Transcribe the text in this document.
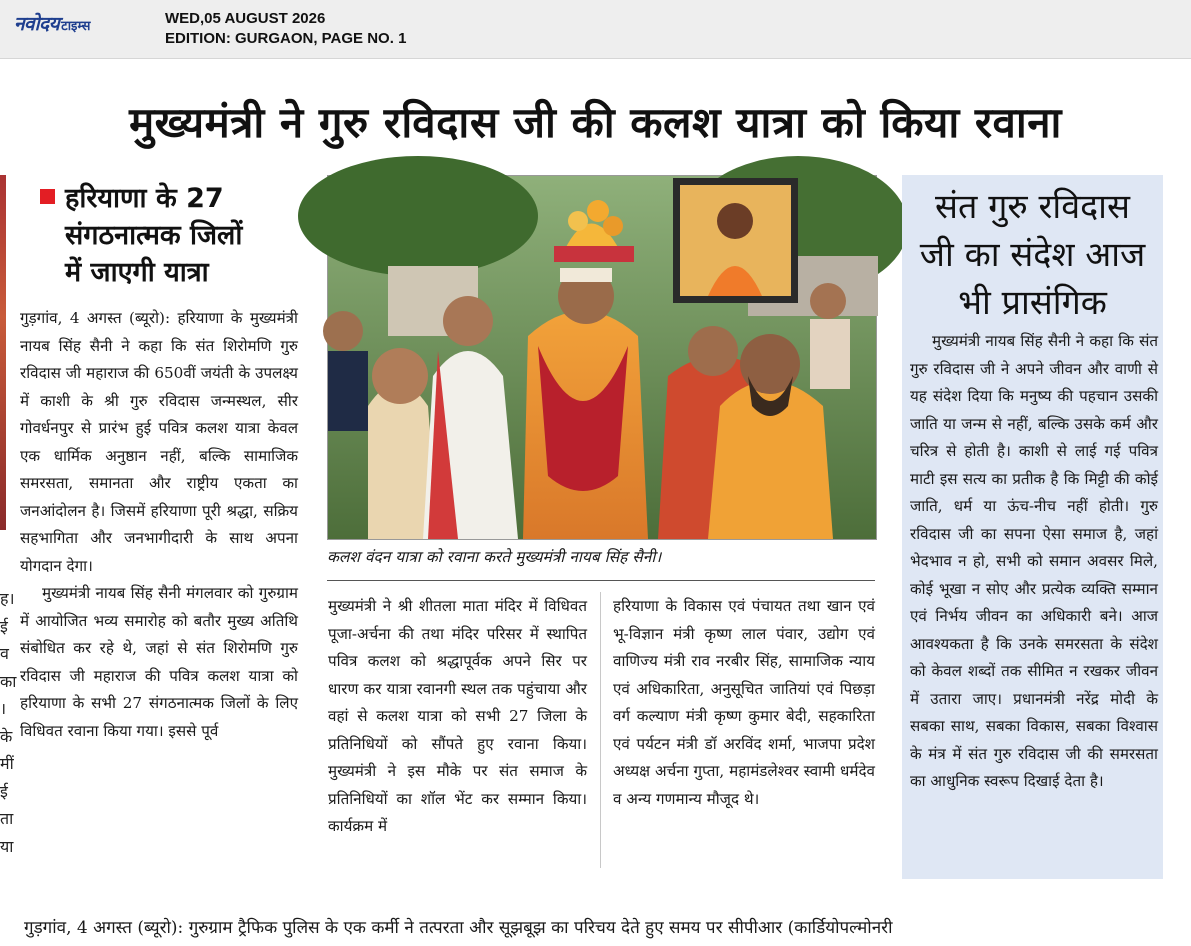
नवोदय टाइम्स	WED,05 AUGUST 2026
EDITION: GURGAON, PAGE NO. 1
मुख्यमंत्री ने गुरु रविदास जी की कलश यात्रा को किया रवाना
ह।
ई
व
का
।
के
मीं
ई
ता
या
हरियाणा के 27
संगठनात्मक जिलों
में जाएगी यात्रा

गुड़गांव, 4 अगस्त (ब्यूरो): हरियाणा के मुख्यमंत्री नायब सिंह सैनी ने कहा कि संत शिरोमणि गुरु रविदास जी महाराज की 650वीं जयंती के उपलक्ष्य में काशी के श्री गुरु रविदास जन्मस्थल, सीर गोवर्धनपुर से प्रारंभ हुई पवित्र कलश यात्रा केवल एक धार्मिक अनुष्ठान नहीं, बल्कि सामाजिक समरसता, समानता और राष्ट्रीय एकता का जनआंदोलन है। जिसमें हरियाणा पूरी श्रद्धा, सक्रिय सहभागिता और जनभागीदारी के साथ अपना योगदान देगा।

मुख्यमंत्री नायब सिंह सैनी मंगलवार को गुरुग्राम में आयोजित भव्य समारोह को बतौर मुख्य अतिथि संबोधित कर रहे थे, जहां से संत शिरोमणि गुरु रविदास जी महाराज की पवित्र कलश यात्रा को हरियाणा के सभी 27 संगठनात्मक जिलों के लिए विधिवत रवाना किया गया। इससे पूर्व

कलश वंदन यात्रा को रवाना करते मुख्यमंत्री नायब सिंह सैनी।

मुख्यमंत्री ने श्री शीतला माता मंदिर में विधिवत पूजा-अर्चना की तथा मंदिर परिसर में स्थापित पवित्र कलश को श्रद्धापूर्वक अपने सिर पर धारण कर यात्रा रवानगी स्थल तक पहुंचाया और वहां से कलश यात्रा को सभी 27 जिला के प्रतिनिधियों को सौंपते हुए रवाना किया। मुख्यमंत्री ने इस मौके पर संत समाज के प्रतिनिधियों का शॉल भेंट कर सम्मान किया। कार्यक्रम में

हरियाणा के विकास एवं पंचायत तथा खान एवं भू-विज्ञान मंत्री कृष्ण लाल पंवार, उद्योग एवं वाणिज्य मंत्री राव नरबीर सिंह, सामाजिक न्याय एवं अधिकारिता, अनुसूचित जातियां एवं पिछड़ा वर्ग कल्याण मंत्री कृष्ण कुमार बेदी, सहकारिता एवं पर्यटन मंत्री डॉ अरविंद शर्मा, भाजपा प्रदेश अध्यक्ष अर्चना गुप्ता, महामंडलेश्वर स्वामी धर्मदेव व अन्य गणमान्य मौजूद थे।

संत गुरु रविदास
जी का संदेश आज
भी प्रासंगिक
मुख्यमंत्री नायब सिंह सैनी ने कहा कि संत गुरु रविदास जी ने अपने जीवन और वाणी से यह संदेश दिया कि मनुष्य की पहचान उसकी जाति या जन्म से नहीं, बल्कि उसके कर्म और चरित्र से होती है। काशी से लाई गई पवित्र माटी इस सत्य का प्रतीक है कि मिट्टी की कोई जाति, धर्म या ऊंच-नीच नहीं होती। गुरु रविदास जी का सपना ऐसा समाज है, जहां भेदभाव न हो, सभी को समान अवसर मिले, कोई भूखा न सोए और प्रत्येक व्यक्ति सम्मान एवं निर्भय जीवन का अधिकारी बने। आज आवश्यकता है कि उनके समरसता के संदेश को केवल शब्दों तक सीमित न रखकर जीवन में उतारा जाए। प्रधानमंत्री नरेंद्र मोदी के सबका साथ, सबका विकास, सबका विश्वास के मंत्र में संत गुरु रविदास जी की समरसता का आधुनिक स्वरूप दिखाई देता है।
गुड़गांव, 4 अगस्त (ब्यूरो): गुरुग्राम ट्रैफिक पुलिस के एक कर्मी ने तत्परता और सूझबूझ का परिचय देते हुए समय पर सीपीआर (कार्डियोपल्मोनरी
